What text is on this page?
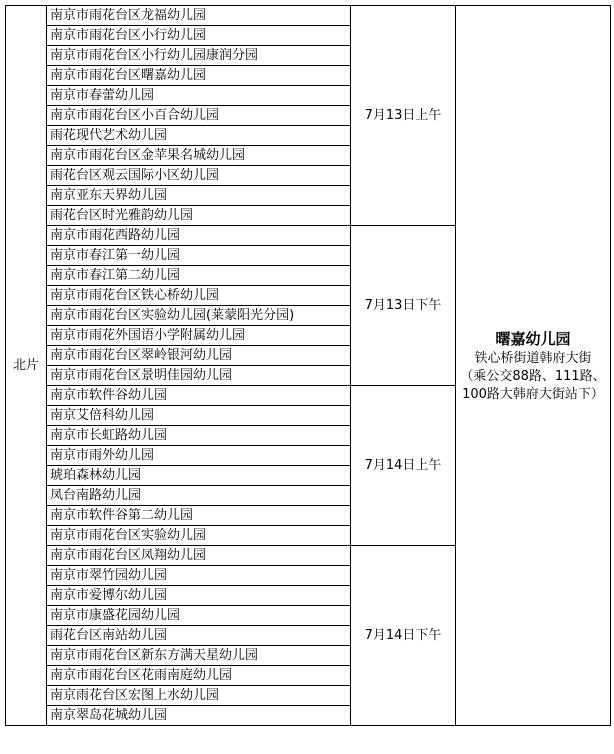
北片	南京市雨花台区龙福幼儿园	7月13日上午	曙嘉幼儿园
铁心桥街道韩府大街
（乘公交88路、111路、
100路大韩府大街站下）

	南京市雨花台区小行幼儿园		
	南京市雨花台区小行幼儿园康润分园		
	南京市雨花台区曙嘉幼儿园		
	南京市春蕾幼儿园		
	南京市雨花台区小百合幼儿园		
	雨花现代艺术幼儿园		
	南京市雨花台区金苹果名城幼儿园		
	雨花台区观云国际小区幼儿园		
	南京亚东天界幼儿园		
	雨花台区时光雅韵幼儿园		
	南京市雨花西路幼儿园	7月13日下午	
	南京市春江第一幼儿园		
	南京市春江第二幼儿园		
	南京市雨花台区铁心桥幼儿园		
	南京市雨花台区实验幼儿园(莱蒙阳光分园)		
	南京市雨花外国语小学附属幼儿园		
	南京市雨花台区翠岭银河幼儿园		
	南京市雨花台区景明佳园幼儿园		
	南京市软件谷幼儿园	7月14日上午	
	南京艾倍科幼儿园		
	南京市长虹路幼儿园		
	南京市雨外幼儿园		
	琥珀森林幼儿园		
	凤台南路幼儿园		
	南京市软件谷第二幼儿园		
	南京市雨花台区实验幼儿园		
	南京市雨花台区凤翔幼儿园	7月14日下午	
	南京市翠竹园幼儿园		
	南京市爱博尔幼儿园		
	南京市康盛花园幼儿园		
	雨花台区南站幼儿园		
	南京市雨花台区新东方满天星幼儿园		
	南京市雨花台区花雨南庭幼儿园		
	南京雨花台区宏图上水幼儿园		
	南京翠岛花城幼儿园		
